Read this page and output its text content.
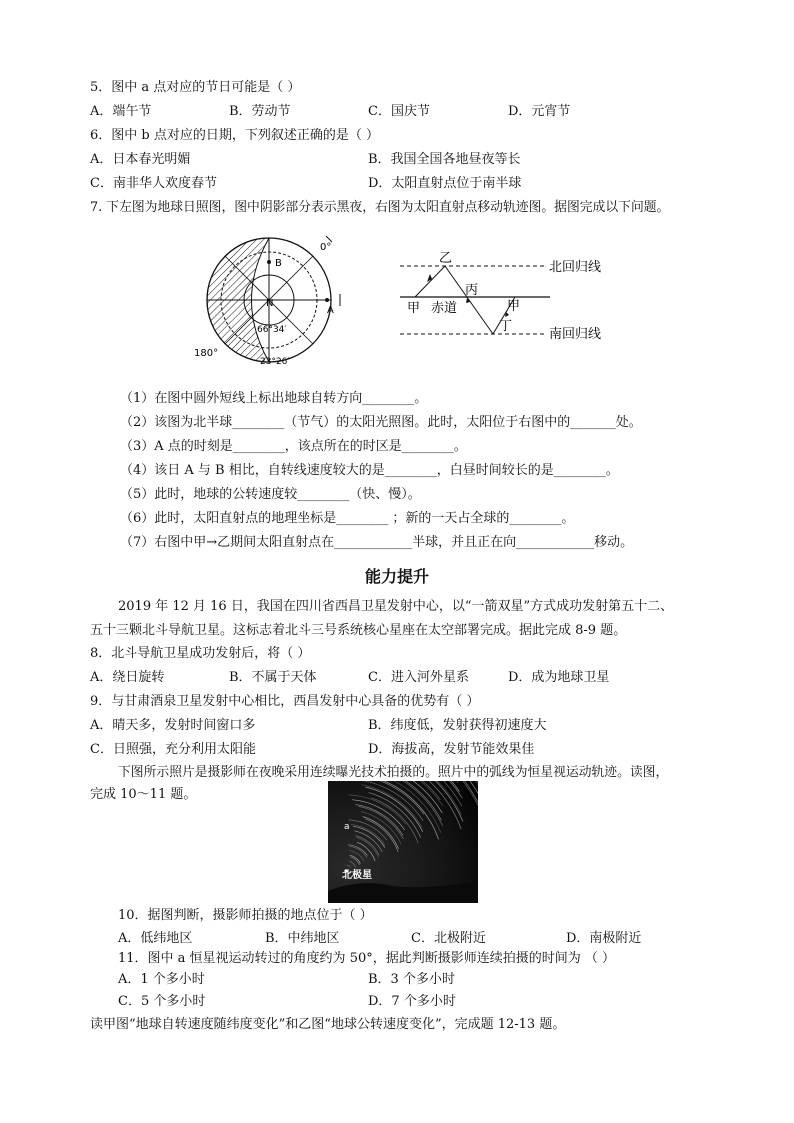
5．图中 a 点对应的节日可能是（ ）
A．端午节	B．劳动节	C．国庆节	D．元宵节
6．图中 b 点对应的日期，下列叙述正确的是（ ）
A．日本春光明媚	B．我国全国各地昼夜等长
C．南非华人欢度春节	D．太阳直射点位于南半球
7. 下左图为地球日照图，图中阴影部分表示黑夜，右图为太阳直射点移动轨迹图。据图完成以下问题。
0°
B
N
A
66°34′
23°26′
180°
乙
丙
甲 赤道	甲
丁
北回归线
南回归线
（1）在图中圆外短线上标出地球自转方向________。
（2）该图为北半球________（节气）的太阳光照图。此时，太阳位于右图中的_______处。
（3）A 点的时刻是________，该点所在的时区是________。
（4）该日 A 与 B 相比，自转线速度较大的是________，白昼时间较长的是________。
（5）此时，地球的公转速度较________（快、慢）。
（6）此时，太阳直射点的地理坐标是________ ；新的一天占全球的________。
（7）右图中甲→乙期间太阳直射点在____________半球，并且正在向____________移动。
能力提升
2019 年 12 月 16 日，我国在四川省西昌卫星发射中心，以“一箭双星”方式成功发射第五十二、
五十三颗北斗导航卫星。这标志着北斗三号系统核心星座在太空部署完成。据此完成 8-9 题。
8．北斗导航卫星成功发射后，将（ ）
A．绕日旋转	B．不属于天体	C．进入河外星系	D．成为地球卫星
9．与甘肃酒泉卫星发射中心相比，西昌发射中心具备的优势有（ ）
A．晴天多，发射时间窗口多	B．纬度低，发射获得初速度大
C．日照强，充分利用太阳能	D．海拔高，发射节能效果佳
下图所示照片是摄影师在夜晚采用连续曝光技术拍摄的。照片中的弧线为恒星视运动轨迹。读图，
完成 10～11 题。
a
北极星
10．据图判断，摄影师拍摄的地点位于（ ）
A．低纬地区	B．中纬地区	C．北极附近	D．南极附近
11．图中 a 恒星视运动转过的角度约为 50°，据此判断摄影师连续拍摄的时间为 （ ）
A．1 个多小时	B．3 个多小时
C．5 个多小时	D．7 个多小时
读甲图“地球自转速度随纬度变化”和乙图“地球公转速度变化”，完成题 12-13 题。
